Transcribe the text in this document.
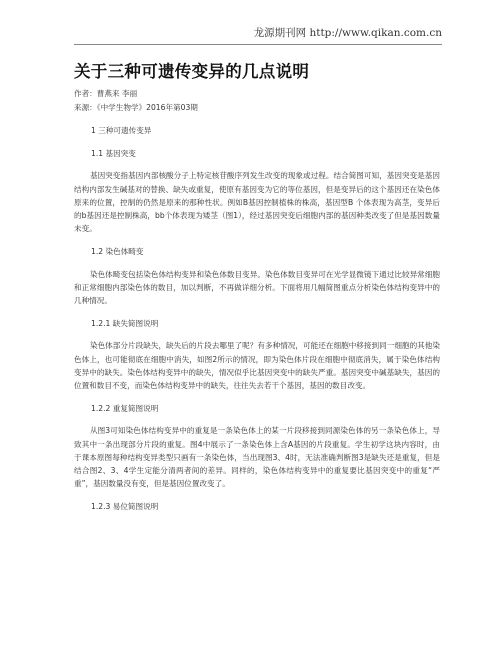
龙源期刊网 http://www.qikan.com.cn
关于三种可遗传变异的几点说明
作者：曹燕来 李丽
来源：《中学生物学》2016年第03期

1 三种可遗传变异

1.1 基因突变

基因突变指基因内部核酸分子上特定核苷酸序列发生改变的现象或过程。结合简图可知，基因突变是基因结构内部发生碱基对的替换、缺失或重复，使原有基因变为它的等位基因，但是变异后的这个基因还在染色体原来的位置，控制的仍然是原来的那种性状。例如B基因控制植株的株高，基因型B 个体表现为高茎，变异后的b基因还是控制株高，bb个体表现为矮茎（图1），经过基因突变后细胞内部的基因种类改变了但是基因数量未变。

1.2 染色体畸变

染色体畸变包括染色体结构变异和染色体数目变异。染色体数目变异可在光学显微镜下通过比较异常细胞和正常细胞内部染色体的数目，加以判断，不再做详细分析。下面将用几幅简图重点分析染色体结构变异中的几种情况。

1.2.1 缺失简图说明

染色体部分片段缺失，缺失后的片段去哪里了呢？有多种情况，可能还在细胞中移接到同一细胞的其他染色体上，也可能彻底在细胞中消失，如图2所示的情况，即为染色体片段在细胞中彻底消失，属于染色体结构变异中的缺失。染色体结构变异中的缺失，情况似乎比基因突变中的缺失严重。基因突变中碱基缺失，基因的位置和数目不变，而染色体结构变异中的缺失，往往失去若干个基因，基因的数目改变。

1.2.2 重复简图说明

从图3可知染色体结构变异中的重复是一条染色体上的某一片段移接到同源染色体的另一条染色体上，导致其中一条出现部分片段的重复。图4中展示了一条染色体上含A基因的片段重复。学生初学这块内容时，由于课本原图每种结构变异类型只画有一条染色体，当出现图3、4时，无法准确判断图3是缺失还是重复，但是结合图2、3、4学生定能分清两者间的差异。同样的，染色体结构变异中的重复要比基因突变中的重复“严重”，基因数量没有变，但是基因位置改变了。

1.2.3 易位简图说明
